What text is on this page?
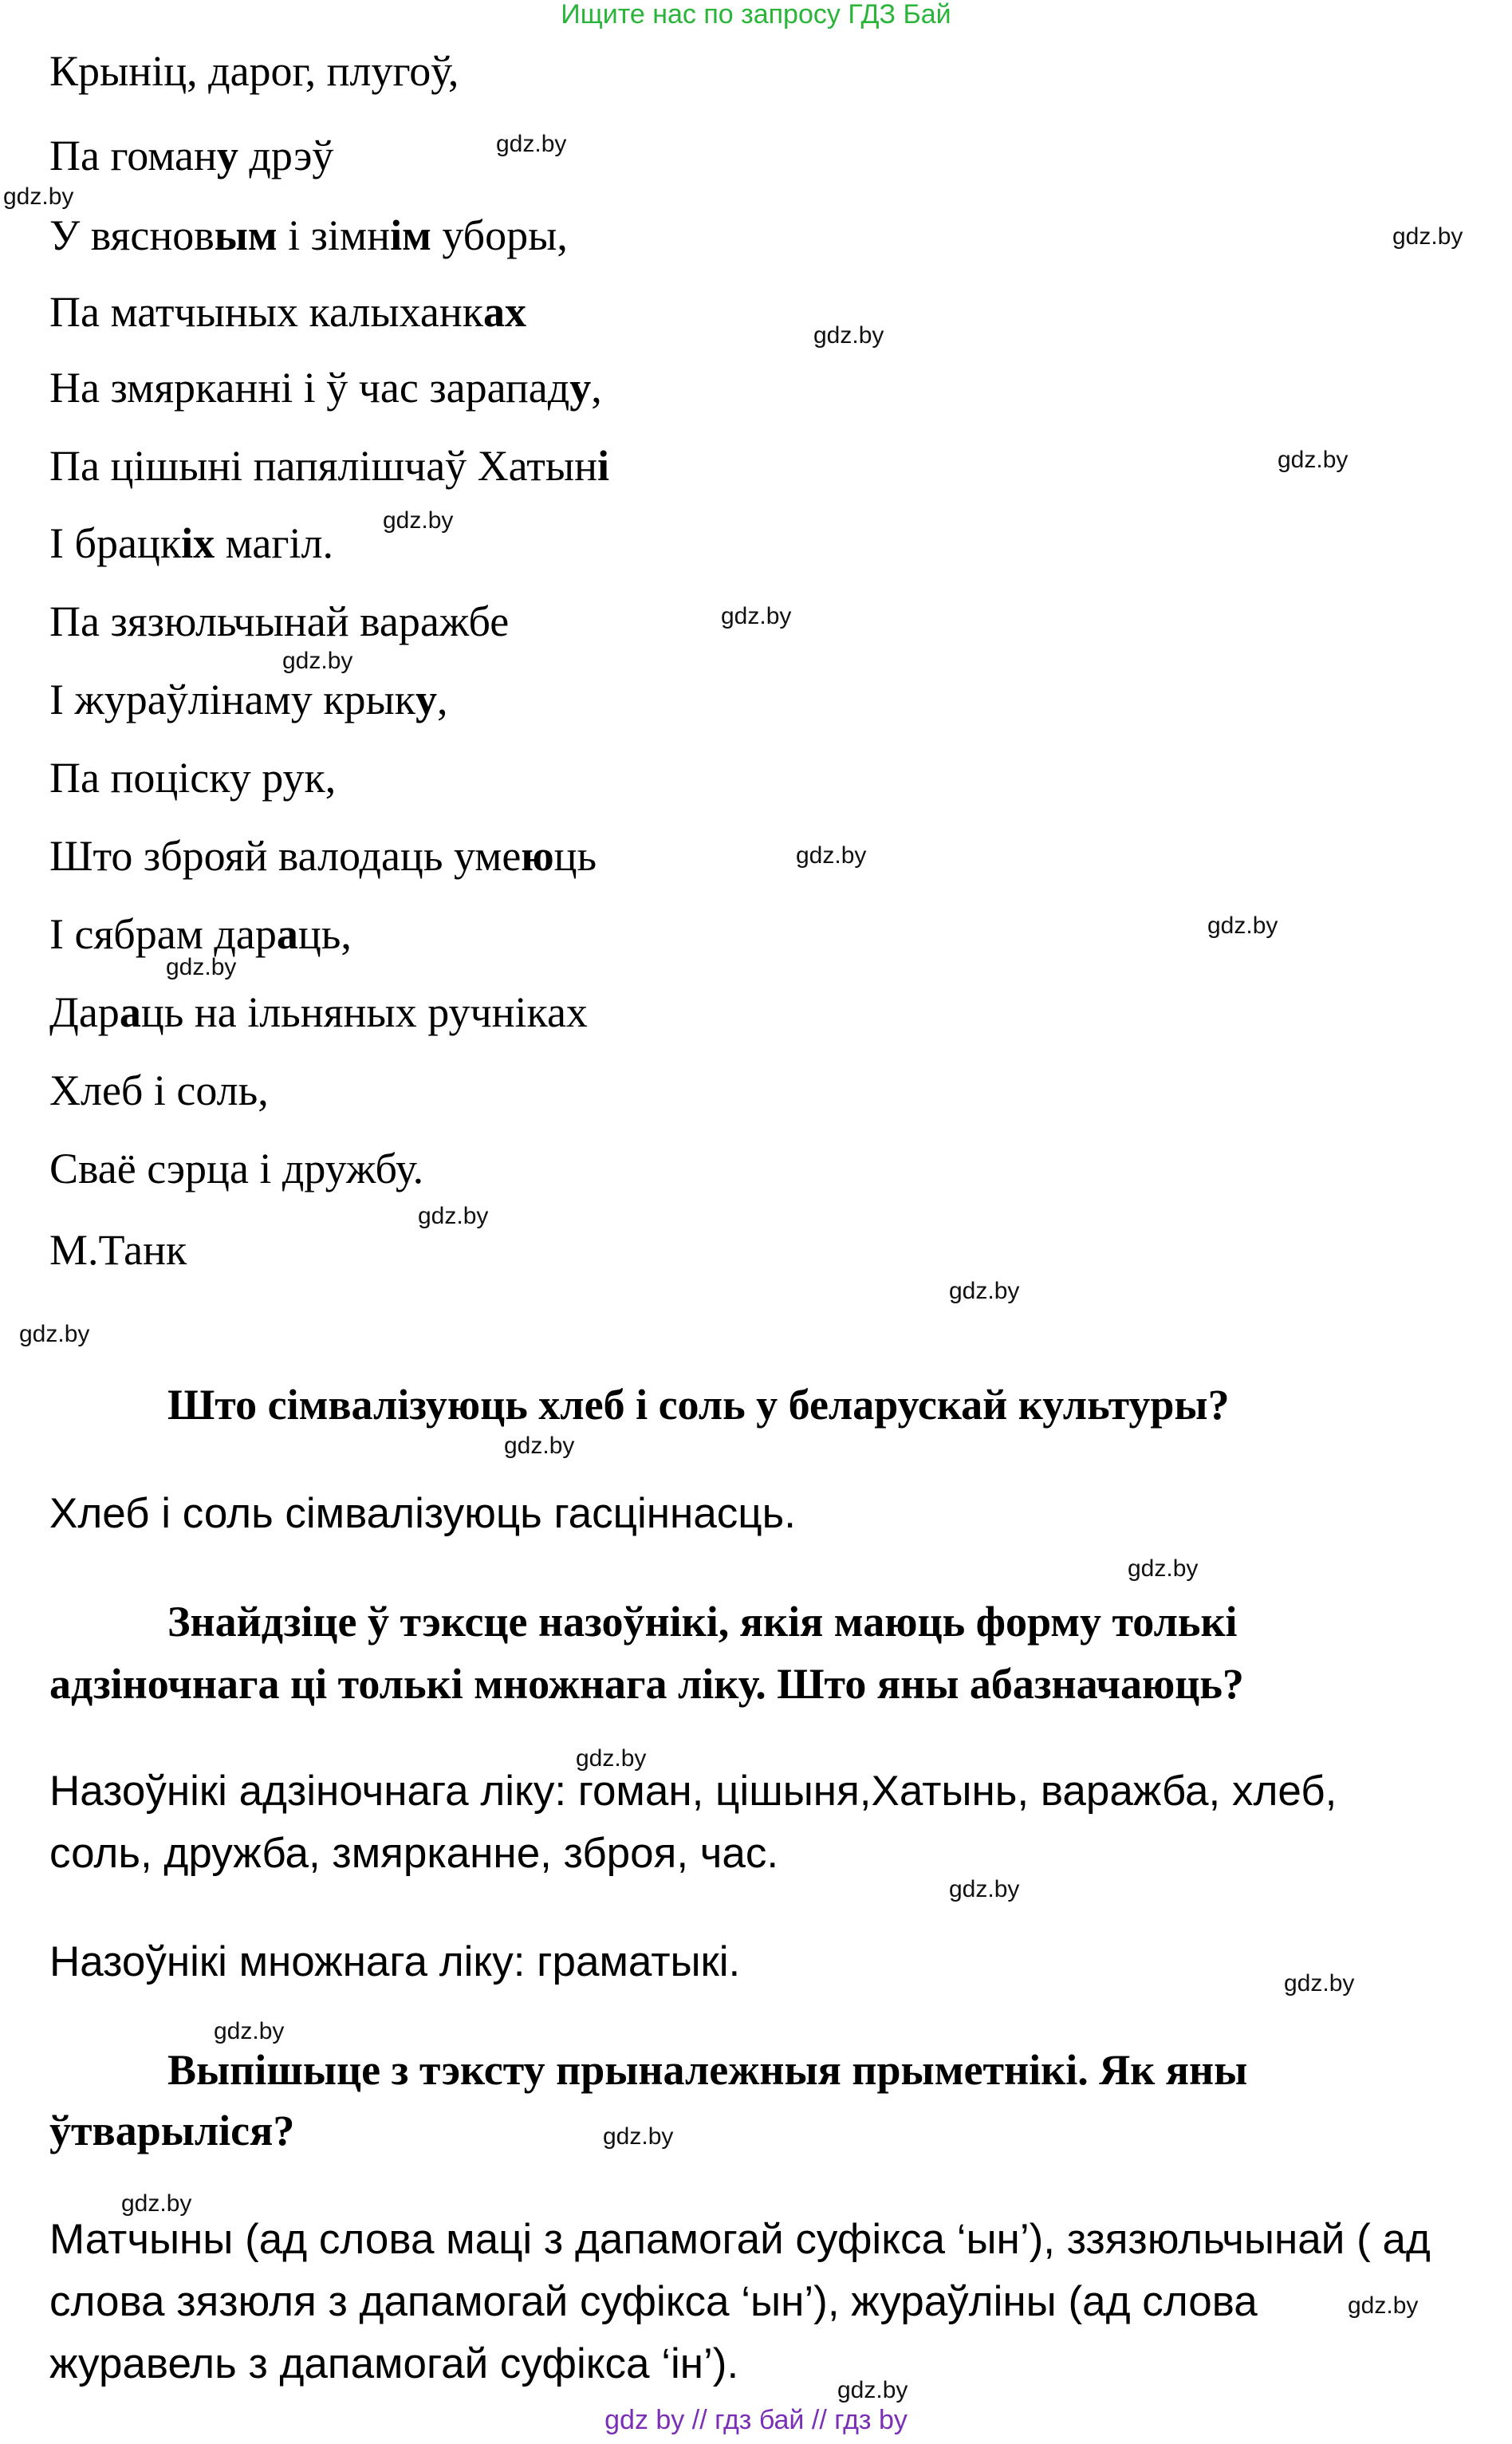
Ищите нас по запросу ГДЗ Бай
Крыніц, дарог, плугоў,
Па гоману дрэў
У вясновым і зімнім уборы,
Па матчыных калыханках
На змярканні і ў час зарападу,
Па цішыні папялішчаў Хатыні
І брацкіх магіл.
Па зязюльчынай варажбе
І жураўлінаму крыку,
Па поціску рук,
Што зброяй валодаць умеюць
І сябрам дараць,
Дараць на ільняных ручніках
Хлеб і соль,
Сваё сэрца і дружбу.
М.Танк
Што сімвалізуюць хлеб і соль у беларускай культуры?
Хлеб і соль сімвалізуюць гасціннасць.
Знайдзіце ў тэксце назоўнікі, якія маюць форму толькі
адзіночнага ці толькі множнага ліку. Што яны абазначаюць?
Назоўнікі адзіночнага ліку: гоман, цішыня,Хатынь, варажба, хлеб,
соль, дружба, змярканне, зброя, час.
Назоўнікі множнага ліку: граматыкі.
Выпішыце з тэксту прыналежныя прыметнікі. Як яны
ўтварыліся?
Матчыны (ад слова маці з дапамогай суфікса ‘ын’), ззязюльчынай ( ад
слова зязюля з дапамогай суфікса ‘ын’), жураўліны (ад слова
журавель з дапамогай суфікса ‘ін’).
gdz.by
gdz.by
gdz.by
gdz.by
gdz.by
gdz.by
gdz.by
gdz.by
gdz.by
gdz.by
gdz.by
gdz.by
gdz.by
gdz.by
gdz.by
gdz.by
gdz.by
gdz.by
gdz.by
gdz.by
gdz.by
gdz.by
gdz.by
gdz.by
gdz by // гдз бай // гдз by
